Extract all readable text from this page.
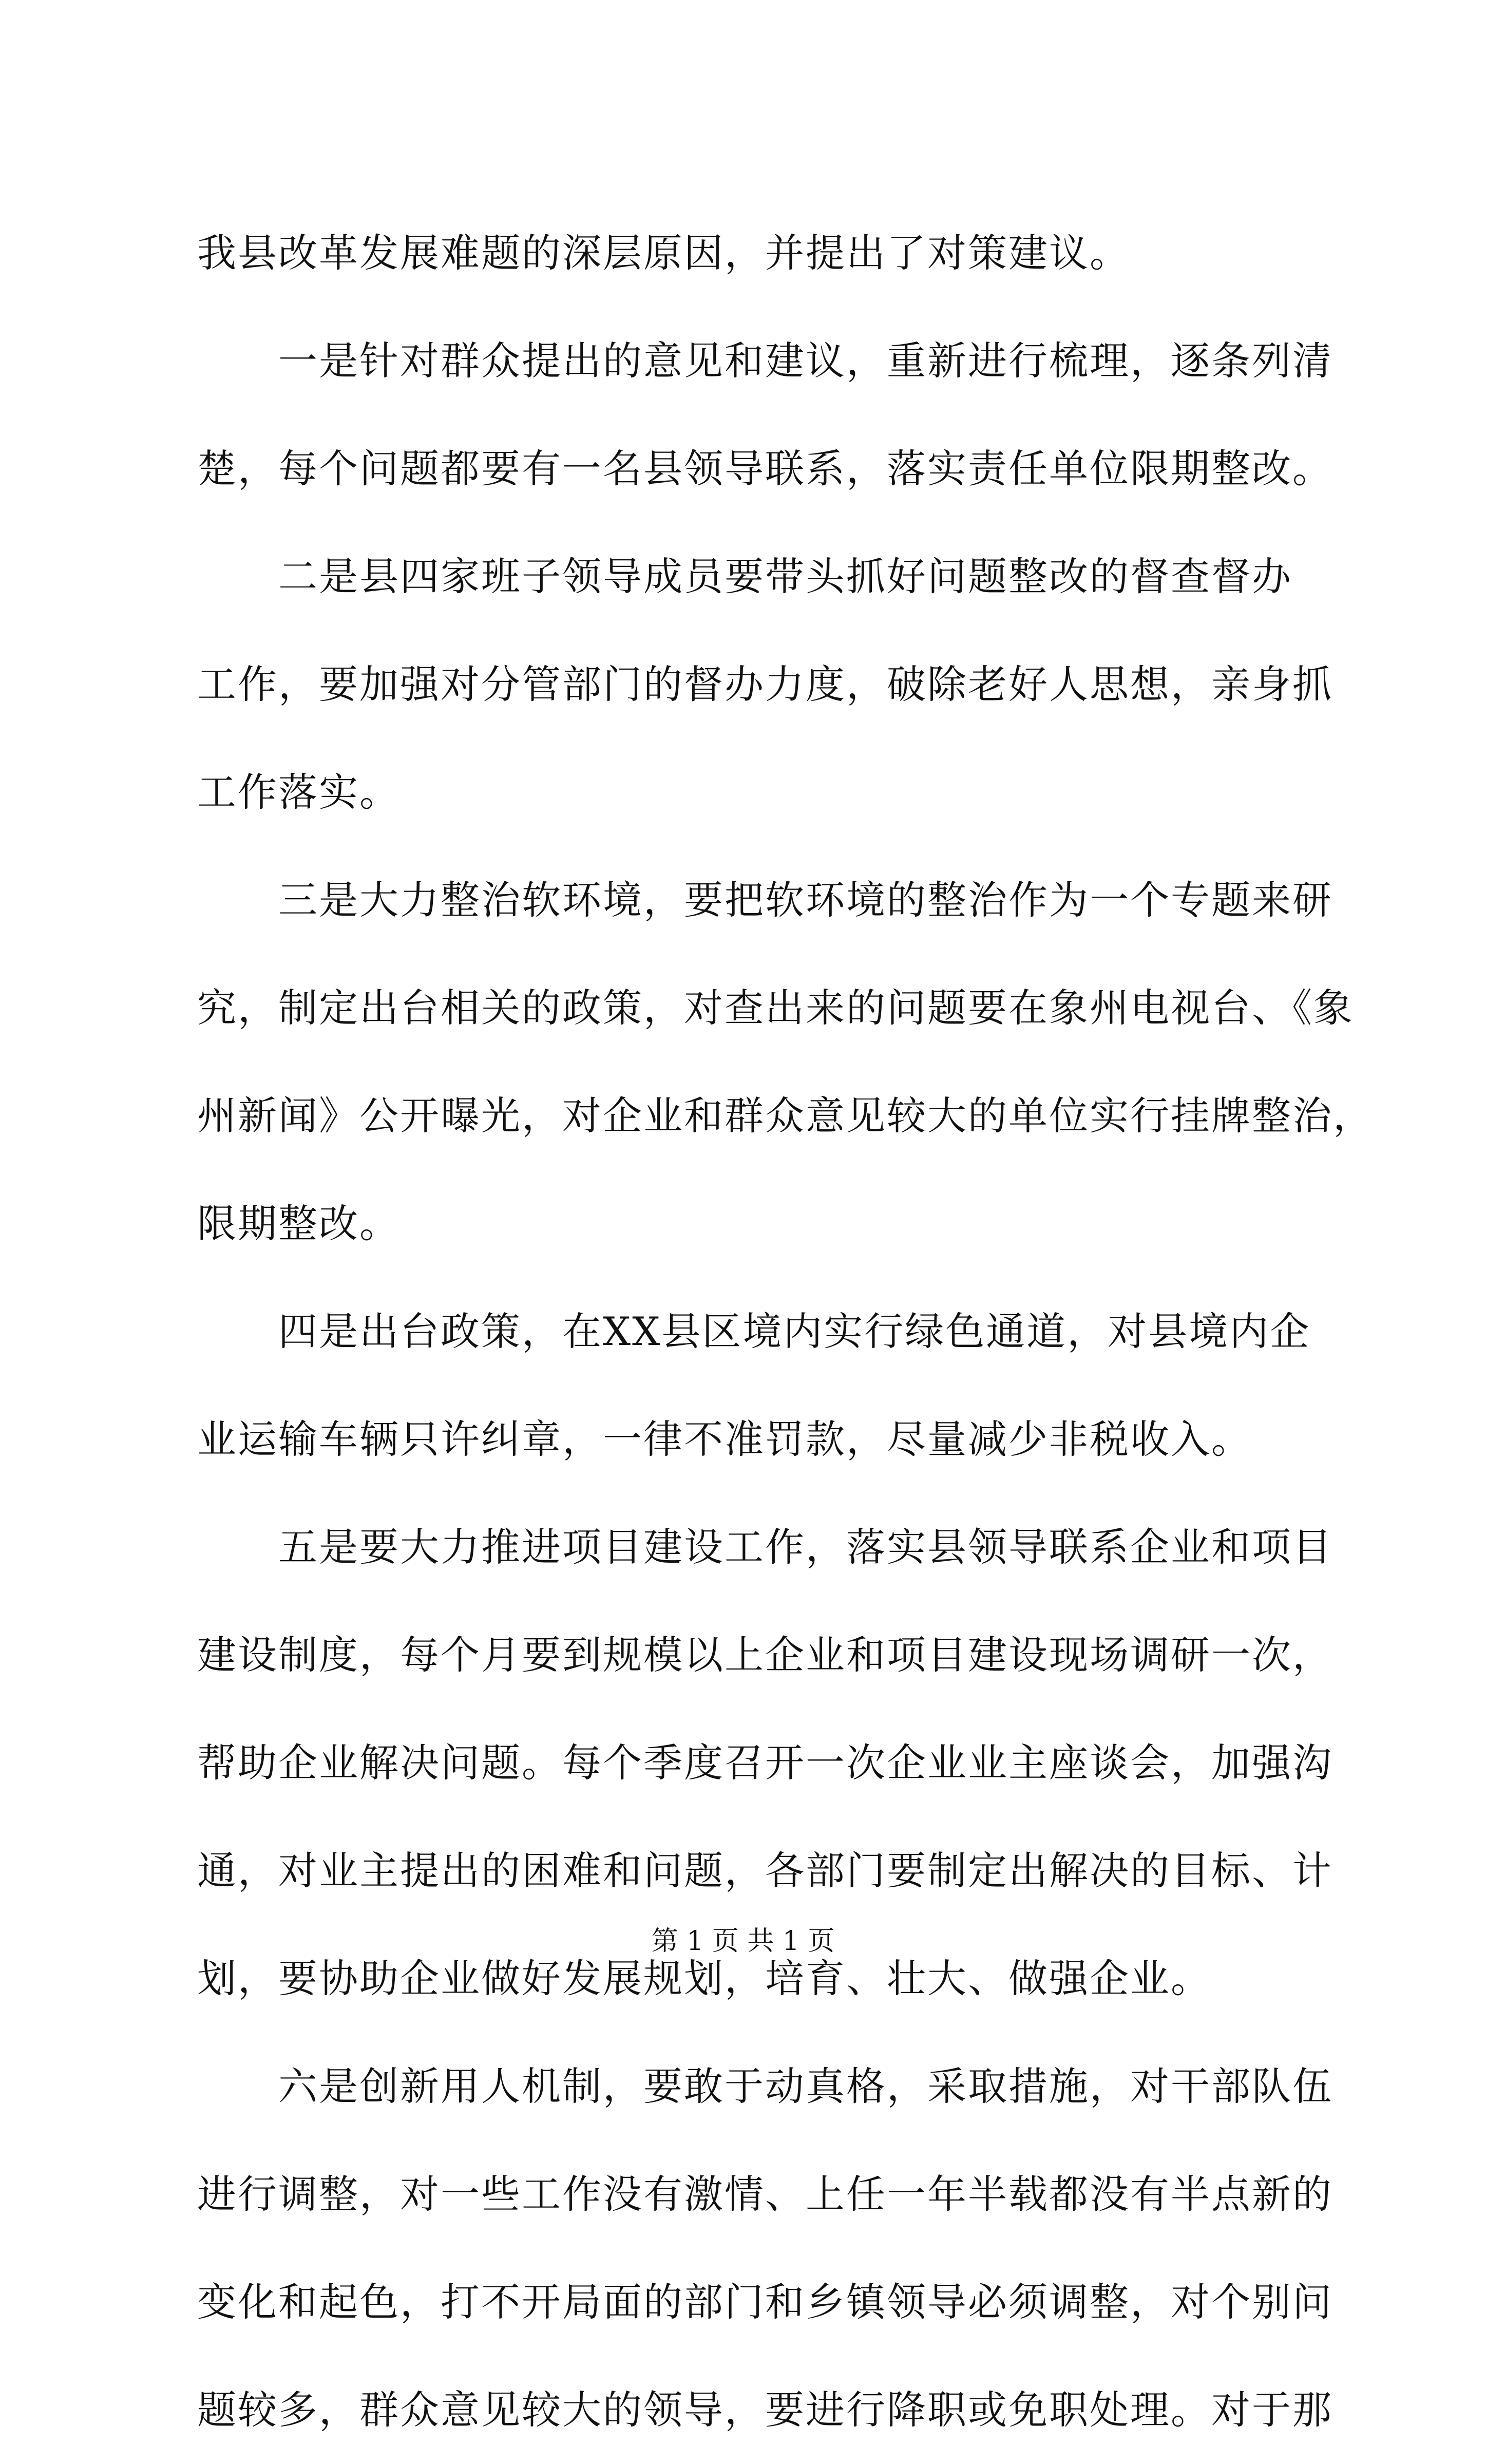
我县改革发展难题的深层原因，并提出了对策建议。
一是针对群众提出的意见和建议，重新进行梳理，逐条列清
楚，每个问题都要有一名县领导联系，落实责任单位限期整改。
二是县四家班子领导成员要带头抓好问题整改的督查督办
工作，要加强对分管部门的督办力度，破除老好人思想，亲身抓
工作落实。
三是大力整治软环境，要把软环境的整治作为一个专题来研
究，制定出台相关的政策，对查出来的问题要在象州电视台、《象
州新闻》公开曝光，对企业和群众意见较大的单位实行挂牌整治，
限期整改。
四是出台政策，在XX县区境内实行绿色通道，对县境内企
业运输车辆只许纠章，一律不准罚款，尽量减少非税收入。
五是要大力推进项目建设工作，落实县领导联系企业和项目
建设制度，每个月要到规模以上企业和项目建设现场调研一次，
帮助企业解决问题。每个季度召开一次企业业主座谈会，加强沟
通，对业主提出的困难和问题，各部门要制定出解决的目标、计
划，要协助企业做好发展规划，培育、壮大、做强企业。
六是创新用人机制，要敢于动真格，采取措施，对干部队伍
进行调整，对一些工作没有激情、上任一年半载都没有半点新的
变化和起色，打不开局面的部门和乡镇领导必须调整，对个别问
题较多，群众意见较大的领导，要进行降职或免职处理。对于那
第 1 页 共 1 页
